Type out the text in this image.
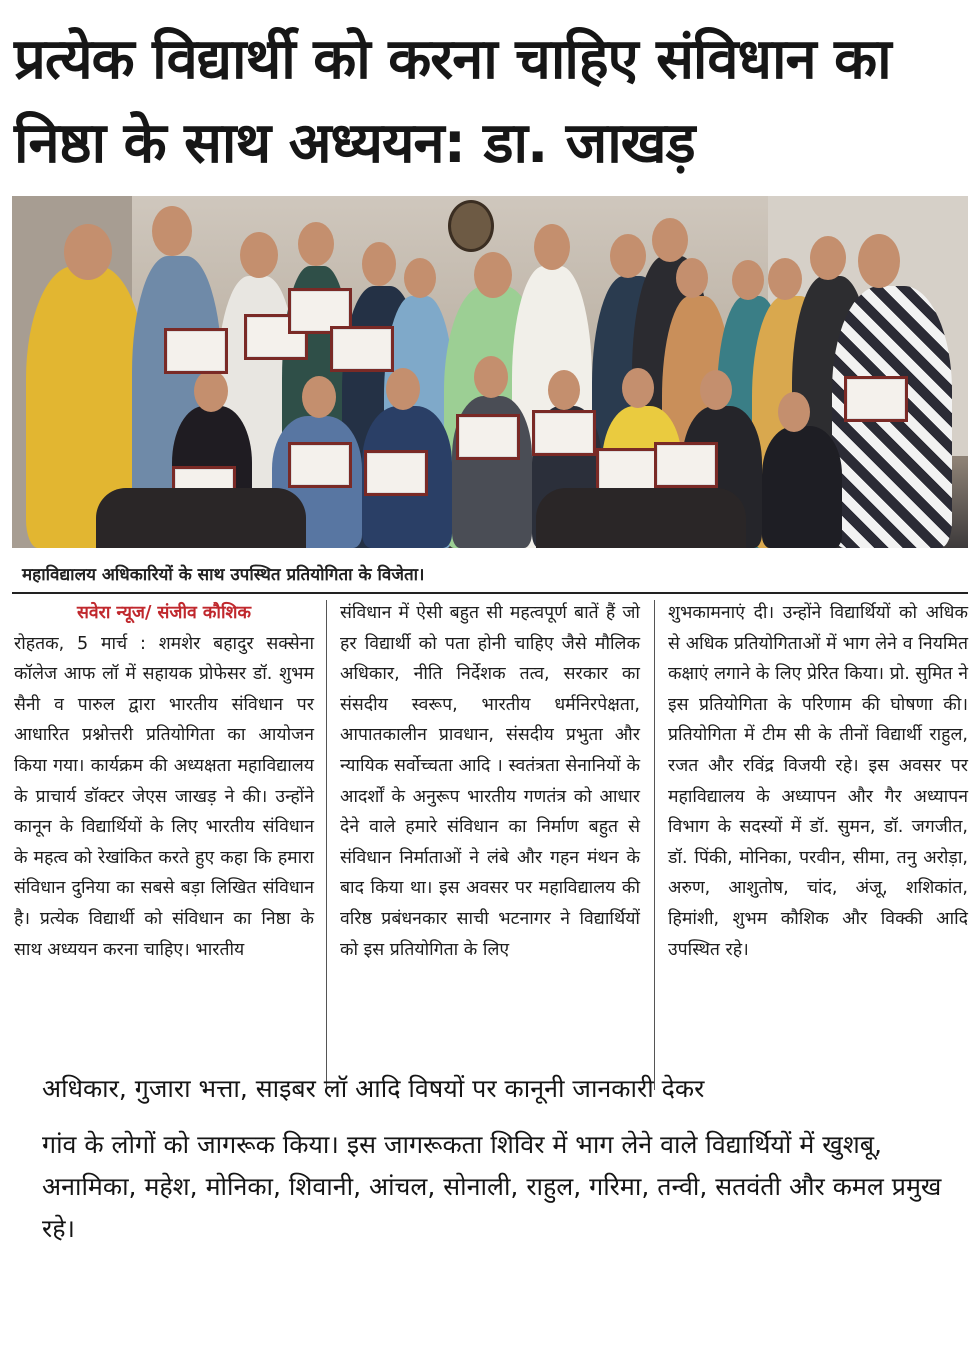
प्रत्येक विद्यार्थी को करना चाहिए संविधान का निष्ठा के साथ अध्ययन: डा. जाखड़
महाविद्यालय अधिकारियों के साथ उपस्थित प्रतियोगिता के विजेता।

सवेरा न्यूज/ संजीव कौशिक

रोहतक, 5 मार्च : शमशेर बहादुर सक्सेना कॉलेज आफ लॉ में सहायक प्रोफेसर डॉ. शुभम सैनी व पारुल द्वारा भारतीय संविधान पर आधारित प्रश्नोत्तरी प्रतियोगिता का आयोजन किया गया। कार्यक्रम की अध्यक्षता महाविद्यालय के प्राचार्य डॉक्टर जेएस जाखड़ ने की। उन्होंने कानून के विद्यार्थियों के लिए भारतीय संविधान के महत्व को रेखांकित करते हुए कहा कि हमारा संविधान दुनिया का सबसे बड़ा लिखित संविधान है। प्रत्येक विद्यार्थी को संविधान का निष्ठा के साथ अध्ययन करना चाहिए। भारतीय

संविधान में ऐसी बहुत सी महत्वपूर्ण बातें हैं जो हर विद्यार्थी को पता होनी चाहिए जैसे मौलिक अधिकार, नीति निर्देशक तत्व, सरकार का संसदीय स्वरूप, भारतीय धर्मनिरपेक्षता, आपातकालीन प्रावधान, संसदीय प्रभुता और न्यायिक सर्वोच्चता आदि । स्वतंत्रता सेनानियों के आदर्शों के अनुरूप भारतीय गणतंत्र को आधार देने वाले हमारे संविधान का निर्माण बहुत से संविधान निर्माताओं ने लंबे और गहन मंथन के बाद किया था। इस अवसर पर महाविद्यालय की वरिष्ठ प्रबंधनकार साची भटनागर ने विद्यार्थियों को इस प्रतियोगिता के लिए

शुभकामनाएं दी। उन्होंने विद्यार्थियों को अधिक से अधिक प्रतियोगिताओं में भाग लेने व नियमित कक्षाएं लगाने के लिए प्रेरित किया। प्रो. सुमित ने इस प्रतियोगिता के परिणाम की घोषणा की। प्रतियोगिता में टीम सी के तीनों विद्यार्थी राहुल, रजत और रविंद्र विजयी रहे। इस अवसर पर महाविद्यालय के अध्यापन और गैर अध्यापन विभाग के सदस्यों में डॉ. सुमन, डॉ. जगजीत, डॉ. पिंकी, मोनिका, परवीन, सीमा, तनु अरोड़ा, अरुण, आशुतोष, चांद, अंजू, शशिकांत, हिमांशी, शुभम कौशिक और विक्की आदि उपस्थित रहे।

अधिकार, गुजारा भत्ता, साइबर लॉ आदि विषयों पर कानूनी जानकारी देकर

गांव के लोगों को जागरूक किया। इस जागरूकता शिविर में भाग लेने वाले विद्यार्थियों में खुशबू, अनामिका, महेश, मोनिका, शिवानी, आंचल, सोनाली, राहुल, गरिमा, तन्वी, सतवंती और कमल प्रमुख रहे।
